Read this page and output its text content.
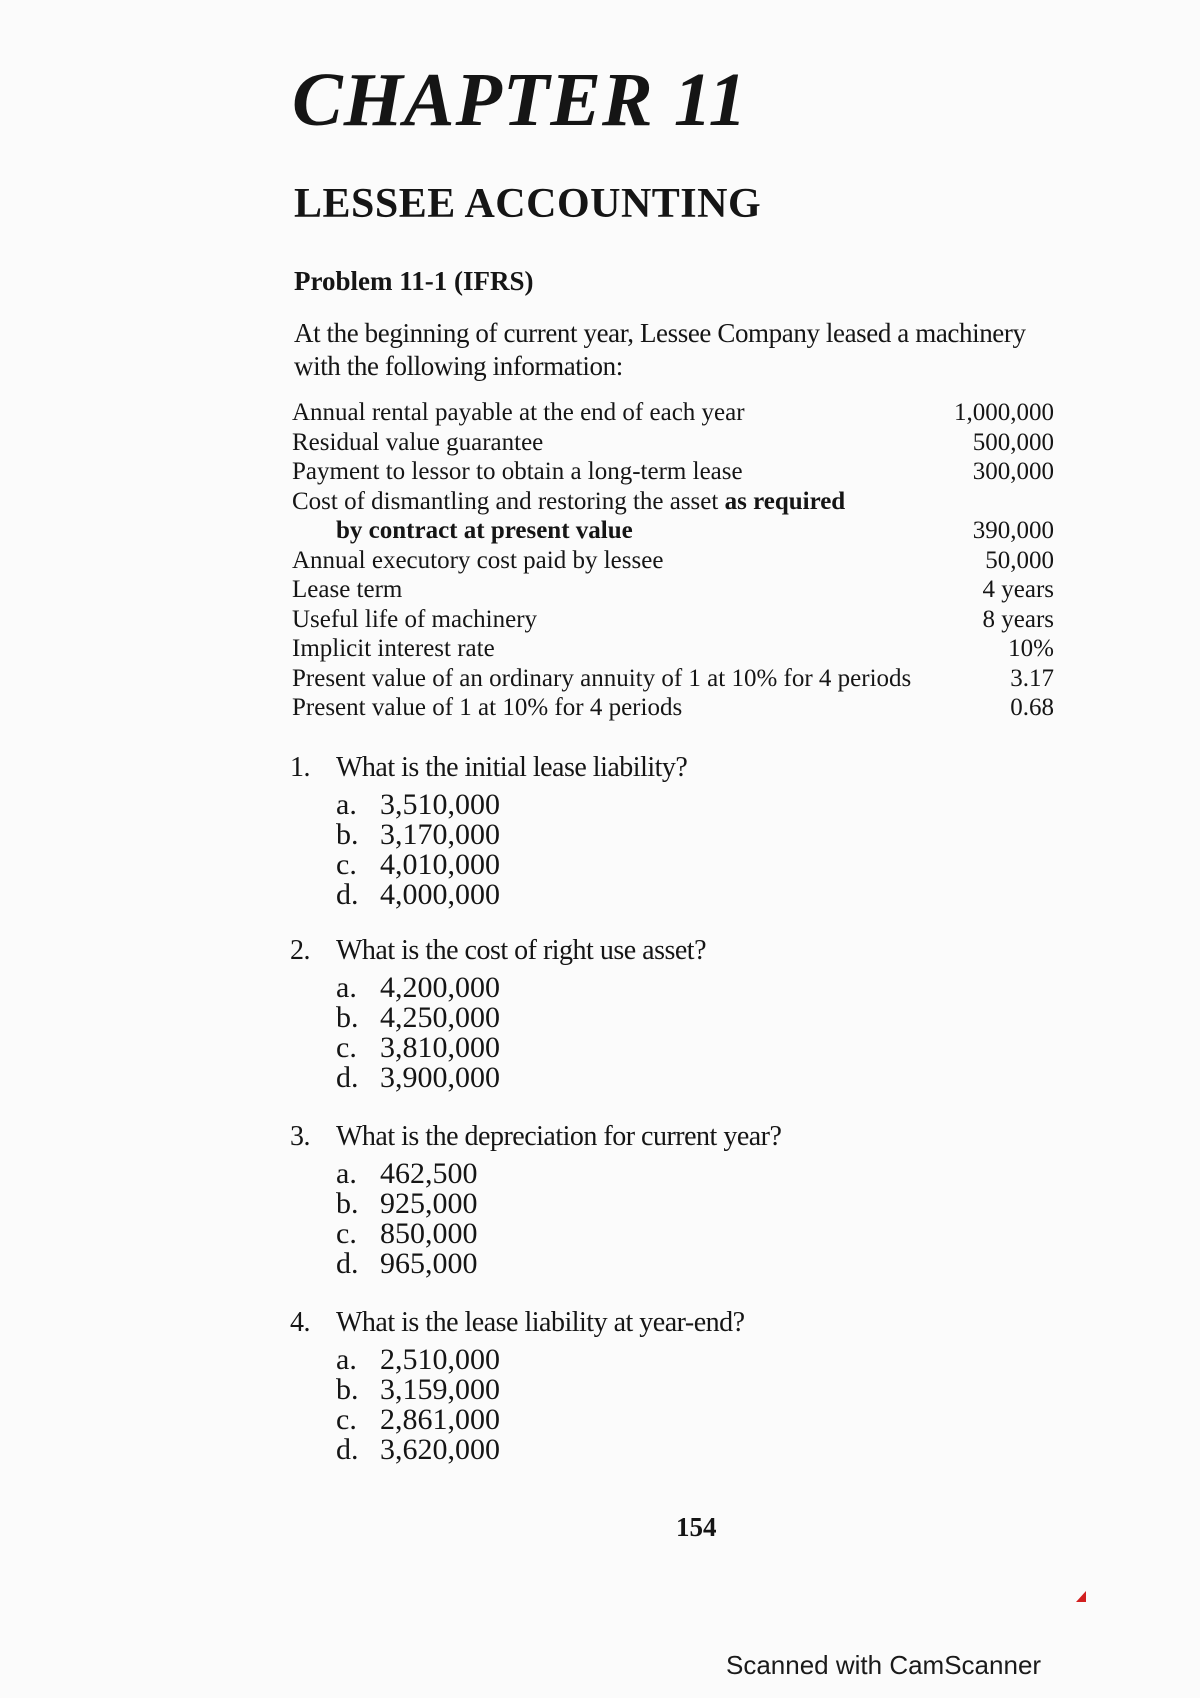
CHAPTER 11
LESSEE ACCOUNTING
Problem 11-1 (IFRS)

At the beginning of current year, Lessee Company leased a machinery with the following information:

Annual rental payable at the end of each year	1,000,000
Residual value guarantee	500,000
Payment to lessor to obtain a long-term lease	300,000
Cost of dismantling and restoring the asset as required
by contract at present value	390,000
Annual executory cost paid by lessee	50,000
Lease term	4 years
Useful life of machinery	8 years
Implicit interest rate	10%
Present value of an ordinary annuity of 1 at 10% for 4 periods	3.17
Present value of 1 at 10% for 4 periods	0.68
1. What is the initial lease liability?
a. 3,510,000
b. 3,170,000
c. 4,010,000
d. 4,000,000
2. What is the cost of right use asset?
a. 4,200,000
b. 4,250,000
c. 3,810,000
d. 3,900,000
3. What is the depreciation for current year?
a. 462,500
b. 925,000
c. 850,000
d. 965,000
4. What is the lease liability at year-end?
a. 2,510,000
b. 3,159,000
c. 2,861,000
d. 3,620,000
154
Scanned with CamScanner
